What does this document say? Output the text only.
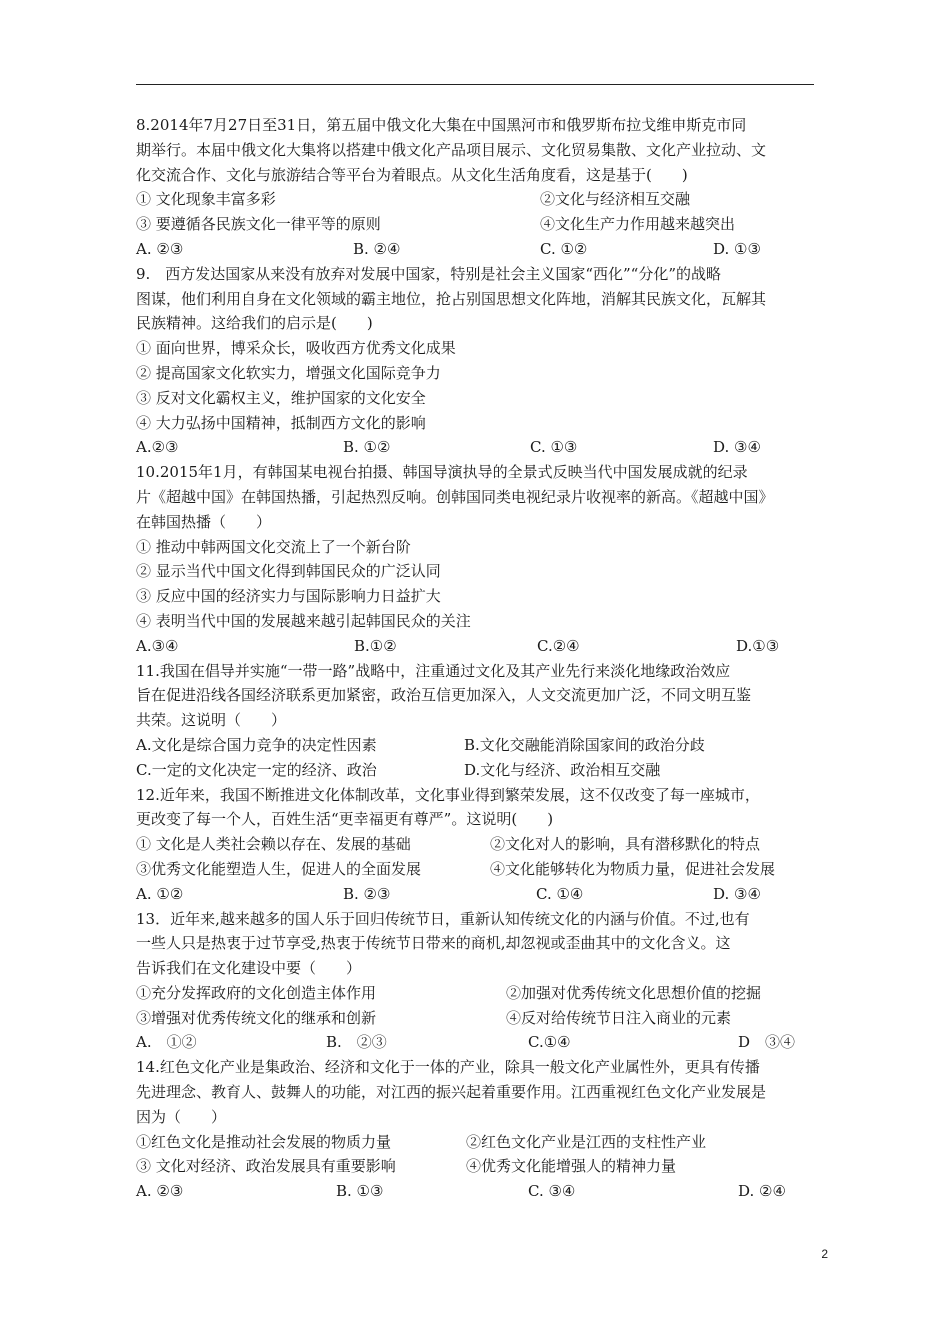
8.2014年7月27日至31日，第五届中俄文化大集在中国黑河市和俄罗斯布拉戈维申斯克市同
期举行。本届中俄文化大集将以搭建中俄文化产品项目展示、文化贸易集散、文化产业拉动、文
化交流合作、文化与旅游结合等平台为着眼点。从文化生活角度看，这是基于(　　)
① 文化现象丰富多彩	②文化与经济相互交融
③ 要遵循各民族文化一律平等的原则	④文化生产力作用越来越突出
A. ②③	B. ②④	C. ①②	D. ①③
9.　西方发达国家从来没有放弃对发展中国家，特别是社会主义国家“西化”“分化”的战略
图谋，他们利用自身在文化领域的霸主地位，抢占别国思想文化阵地，消解其民族文化，瓦解其
民族精神。这给我们的启示是(　　)
① 面向世界，博采众长，吸收西方优秀文化成果
② 提高国家文化软实力，增强文化国际竞争力
③ 反对文化霸权主义，维护国家的文化安全
④ 大力弘扬中国精神，抵制西方文化的影响
A.②③	B. ①②	C. ①③	D. ③④
10.2015年1月，有韩国某电视台拍摄、韩国导演执导的全景式反映当代中国发展成就的纪录
片《超越中国》在韩国热播，引起热烈反响。创韩国同类电视纪录片收视率的新高。《超越中国》
在韩国热播（　　）
① 推动中韩两国文化交流上了一个新台阶
② 显示当代中国文化得到韩国民众的广泛认同
③ 反应中国的经济实力与国际影响力日益扩大
④ 表明当代中国的发展越来越引起韩国民众的关注
A.③④	B.①②	C.②④	D.①③
11.我国在倡导并实施“一带一路”战略中，注重通过文化及其产业先行来淡化地缘政治效应
旨在促进沿线各国经济联系更加紧密，政治互信更加深入，人文交流更加广泛，不同文明互鉴
共荣。这说明（　　）
A.文化是综合国力竞争的决定性因素	B.文化交融能消除国家间的政治分歧
C.一定的文化决定一定的经济、政治	D.文化与经济、政治相互交融
12.近年来，我国不断推进文化体制改革，文化事业得到繁荣发展，这不仅改变了每一座城市，
更改变了每一个人，百姓生活“更幸福更有尊严”。这说明(　　)
① 文化是人类社会赖以存在、发展的基础	②文化对人的影响，具有潜移默化的特点
③优秀文化能塑造人生，促进人的全面发展	④文化能够转化为物质力量，促进社会发展
A. ①②	B. ②③	C. ①④	D. ③④
13．近年来,越来越多的国人乐于回归传统节日，重新认知传统文化的内涵与价值。不过,也有
一些人只是热衷于过节享受,热衷于传统节日带来的商机,却忽视或歪曲其中的文化含义。这
告诉我们在文化建设中要（　　）
①充分发挥政府的文化创造主体作用	②加强对优秀传统文化思想价值的挖掘
③增强对优秀传统文化的继承和创新	④反对给传统节日注入商业的元素
A.　①②	B.　②③	C.①④	D　③④
14.红色文化产业是集政治、经济和文化于一体的产业，除具一般文化产业属性外，更具有传播
先进理念、教育人、鼓舞人的功能，对江西的振兴起着重要作用。江西重视红色文化产业发展是
因为（　　）
①红色文化是推动社会发展的物质力量	②红色文化产业是江西的支柱性产业
③ 文化对经济、政治发展具有重要影响	④优秀文化能增强人的精神力量
A. ②③	B. ①③	C. ③④	D. ②④
2
